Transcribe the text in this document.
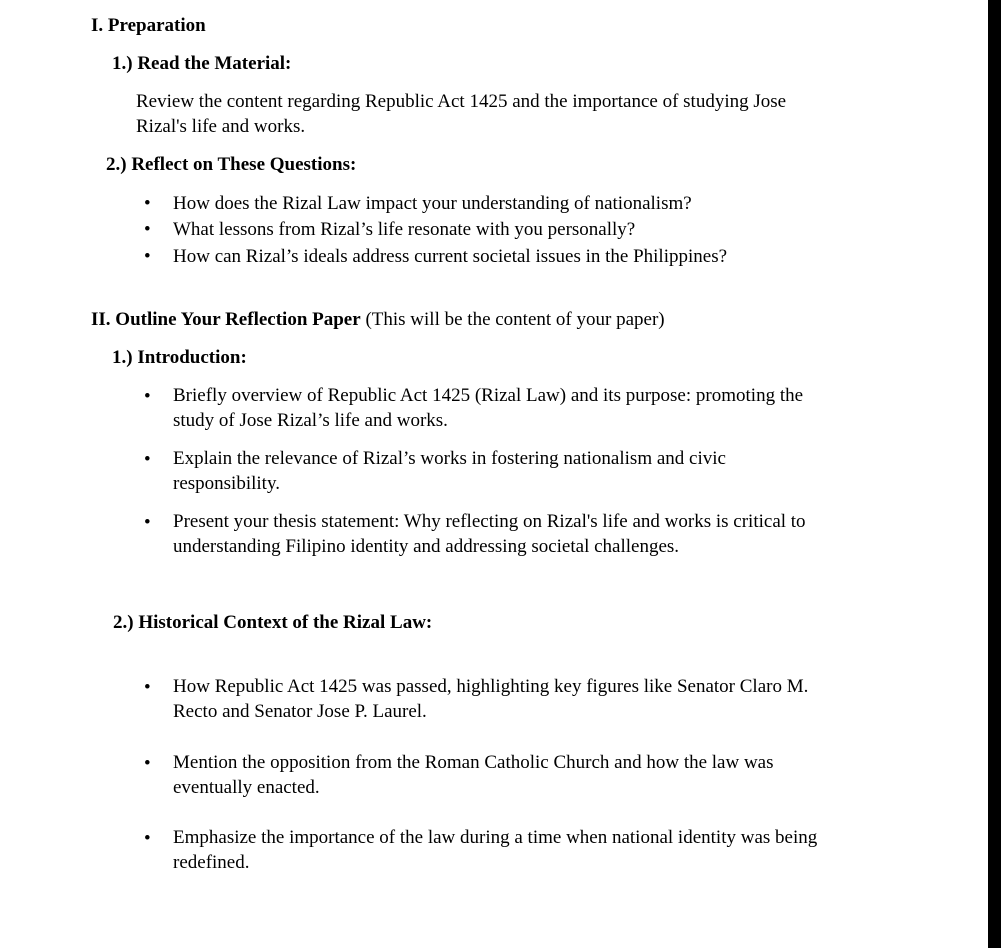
I. Preparation
1.) Read the Material:
Review the content regarding Republic Act 1425 and the importance of studying Jose
Rizal's life and works.
2.) Reflect on These Questions:
• How does the Rizal Law impact your understanding of nationalism?
• What lessons from Rizal’s life resonate with you personally?
• How can Rizal’s ideals address current societal issues in the Philippines?
II. Outline Your Reflection Paper (This will be the content of your paper)
1.) Introduction:
• Briefly overview of Republic Act 1425 (Rizal Law) and its purpose: promoting the
study of Jose Rizal’s life and works.
• Explain the relevance of Rizal’s works in fostering nationalism and civic
responsibility.
• Present your thesis statement: Why reflecting on Rizal's life and works is critical to
understanding Filipino identity and addressing societal challenges.
2.) Historical Context of the Rizal Law:
• How Republic Act 1425 was passed, highlighting key figures like Senator Claro M.
Recto and Senator Jose P. Laurel.
• Mention the opposition from the Roman Catholic Church and how the law was
eventually enacted.
• Emphasize the importance of the law during a time when national identity was being
redefined.
